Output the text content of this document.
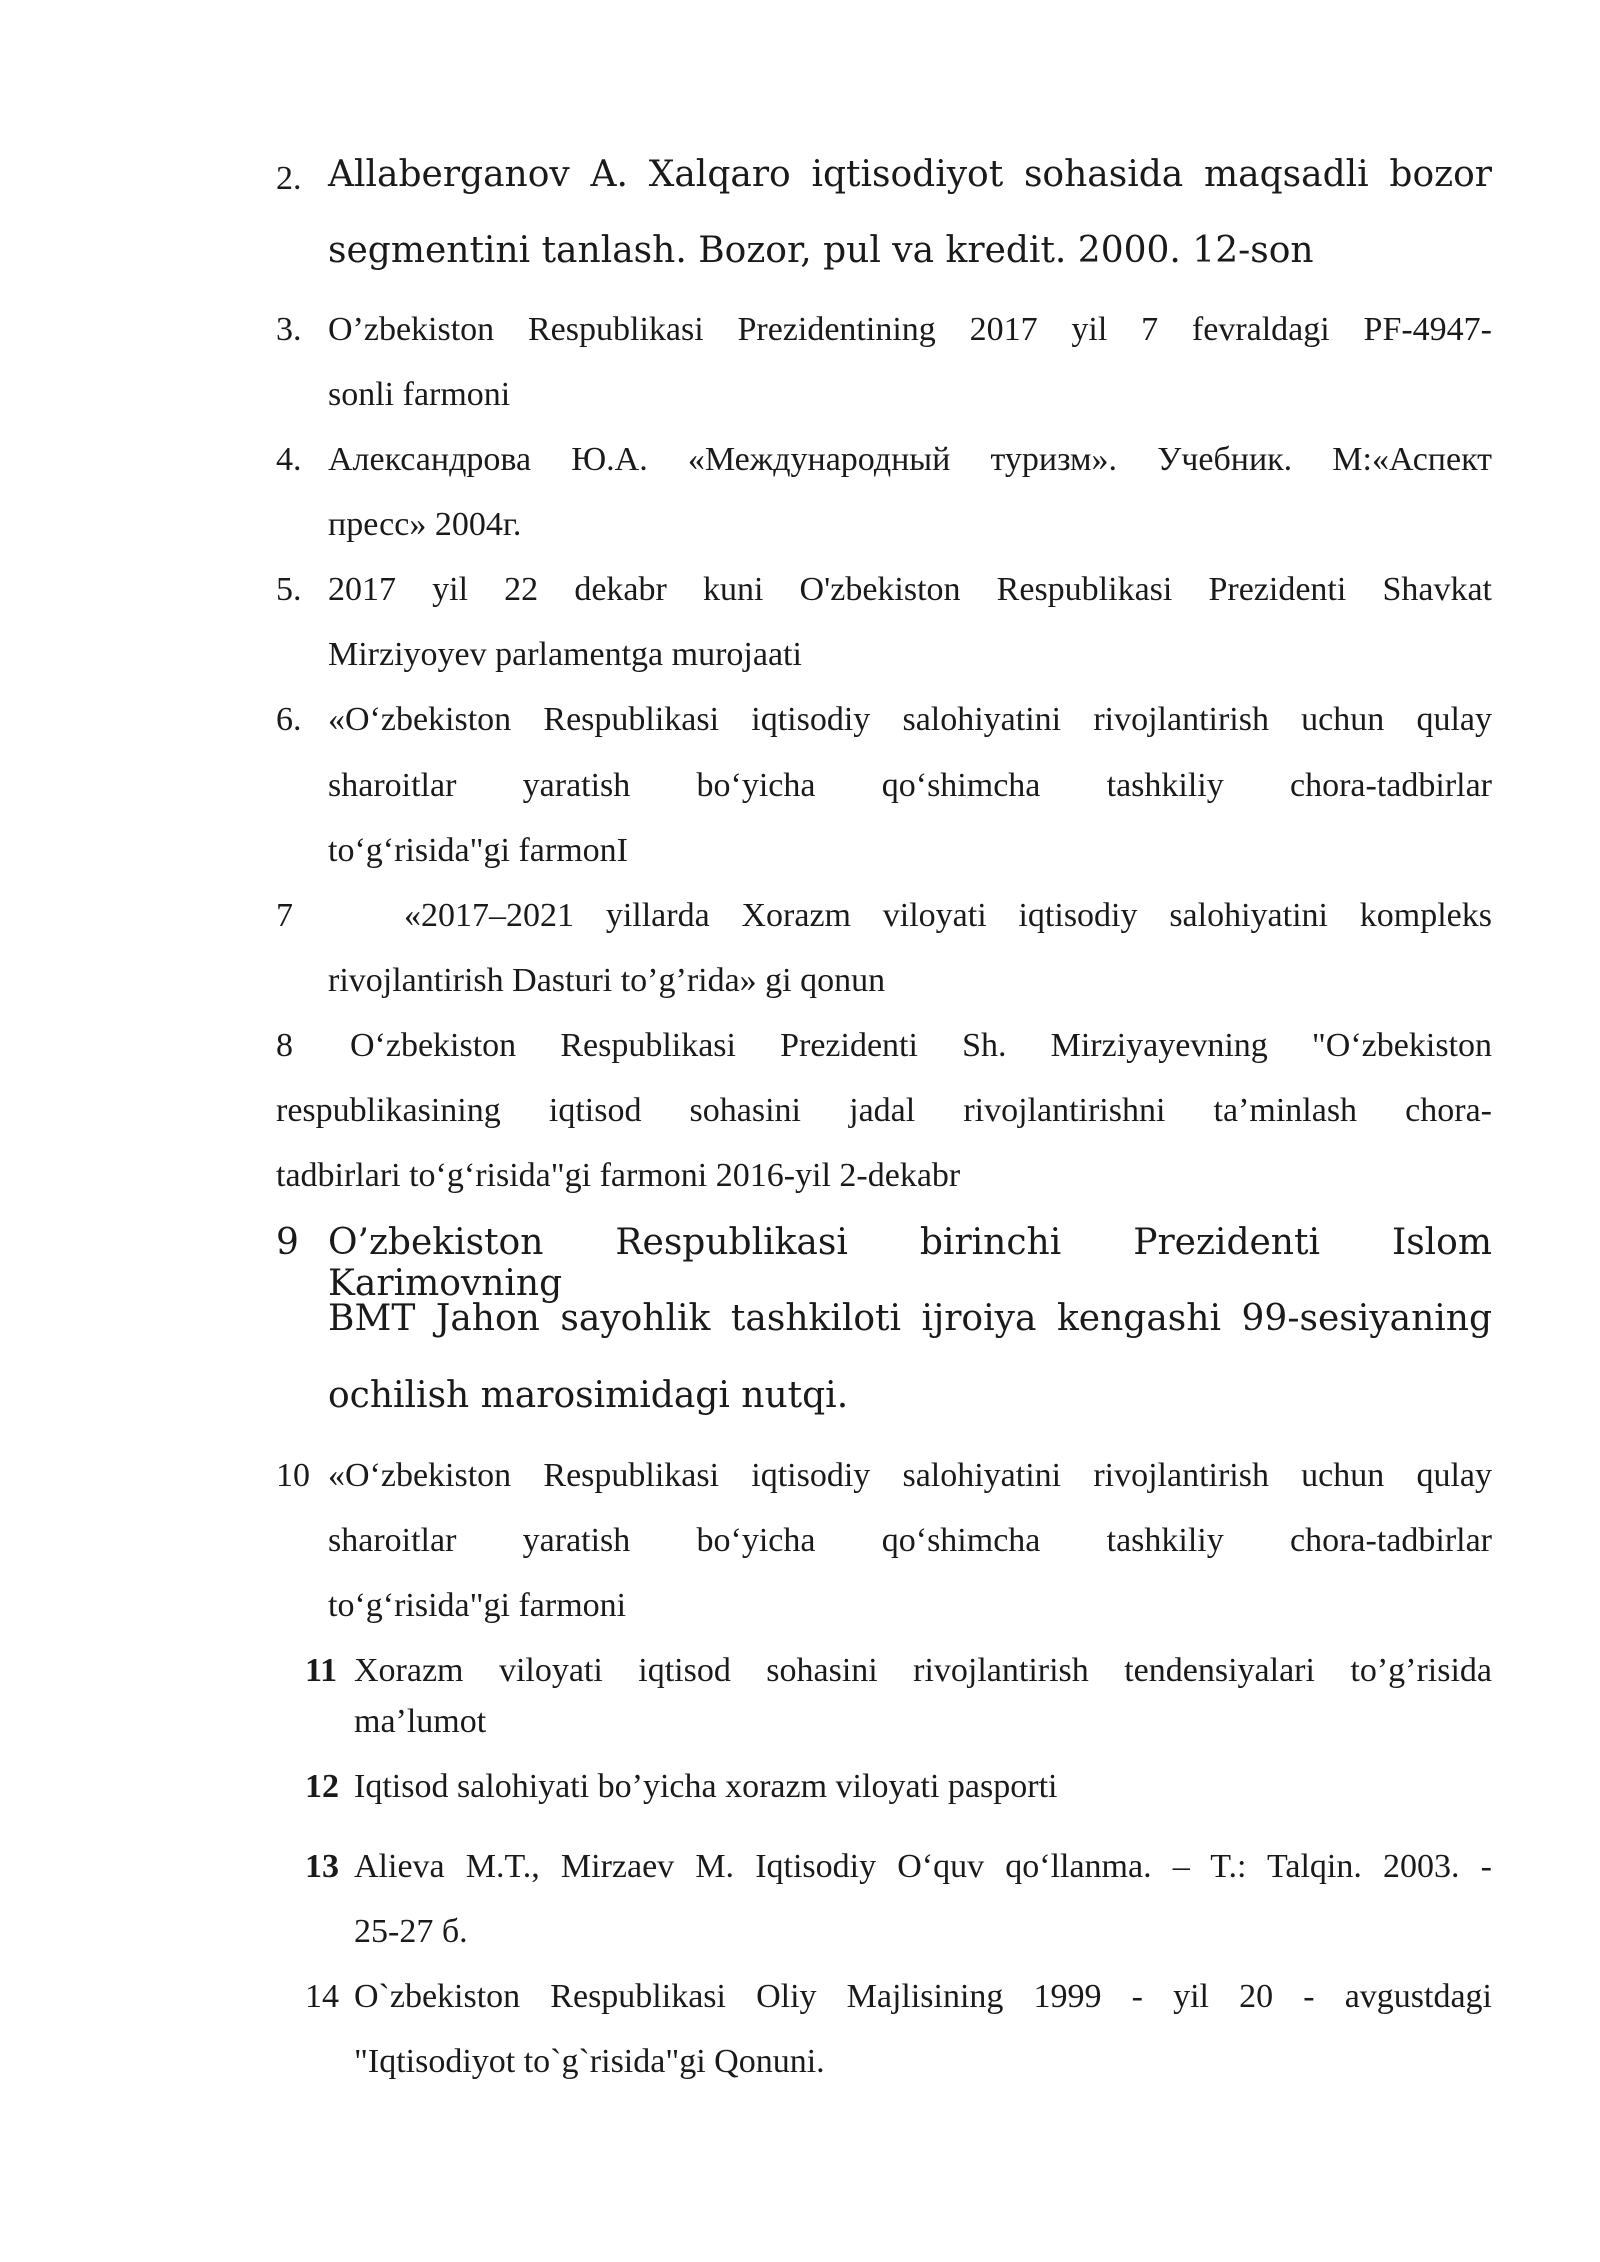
2. Allaberganov A. Xalqaro iqtisodiyot sohasida maqsadli bozor
segmentini tanlash. Bozor, pul va kredit. 2000. 12-son
3. O’zbekiston Respublikasi Prezidentining 2017 yil 7 fevraldagi PF-4947-
sonli farmoni
4. Александрова Ю.А. «Международный туризм». Учебник. М:«Аспект
пресс» 2004г.
5. 2017 yil 22 dekabr kuni O'zbekiston Respublikasi Prezidenti Shavkat
Mirziyoyev parlamentga murojaati
6. «O‘zbekiston Respublikasi iqtisodiy salohiyatini rivojlantirish uchun qulay
sharoitlar yaratish bo‘yicha qo‘shimcha tashkiliy chora-tadbirlar
to‘g‘risida"gi farmonI
7	«2017–2021 yillarda Xorazm viloyati iqtisodiy salohiyatini kompleks
rivojlantirish Dasturi to’g’rida» gi qonun
8 O‘zbekiston Respublikasi Prezidenti Sh. Mirziyayevning "O‘zbekiston
respublikasining iqtisod sohasini jadal rivojlantirishni ta’minlash chora-
tadbirlari to‘g‘risida"gi farmoni 2016-yil 2-dekabr
9 O’zbekiston Respublikasi birinchi Prezidenti Islom Karimovning
BMT Jahon sayohlik tashkiloti ijroiya kengashi 99-sesiyaning
ochilish marosimidagi nutqi.
10 «O‘zbekiston Respublikasi iqtisodiy salohiyatini rivojlantirish uchun qulay
sharoitlar yaratish bo‘yicha qo‘shimcha tashkiliy chora-tadbirlar
to‘g‘risida"gi farmoni
11 Xorazm viloyati iqtisod sohasini rivojlantirish tendensiyalari to’g’risida
ma’lumot
12 Iqtisod salohiyati bo’yicha xorazm viloyati pasporti
13 Alieva M.T., Mirzaev M. Iqtisodiy O‘quv qo‘llanma. – T.: Talqin. 2003. -
25-27 б.
14 O`zbekiston Respublikasi Oliy Majlisining 1999 - yil 20 - avgustdagi
"Iqtisodiyot to`g`risida"gi Qonuni.
